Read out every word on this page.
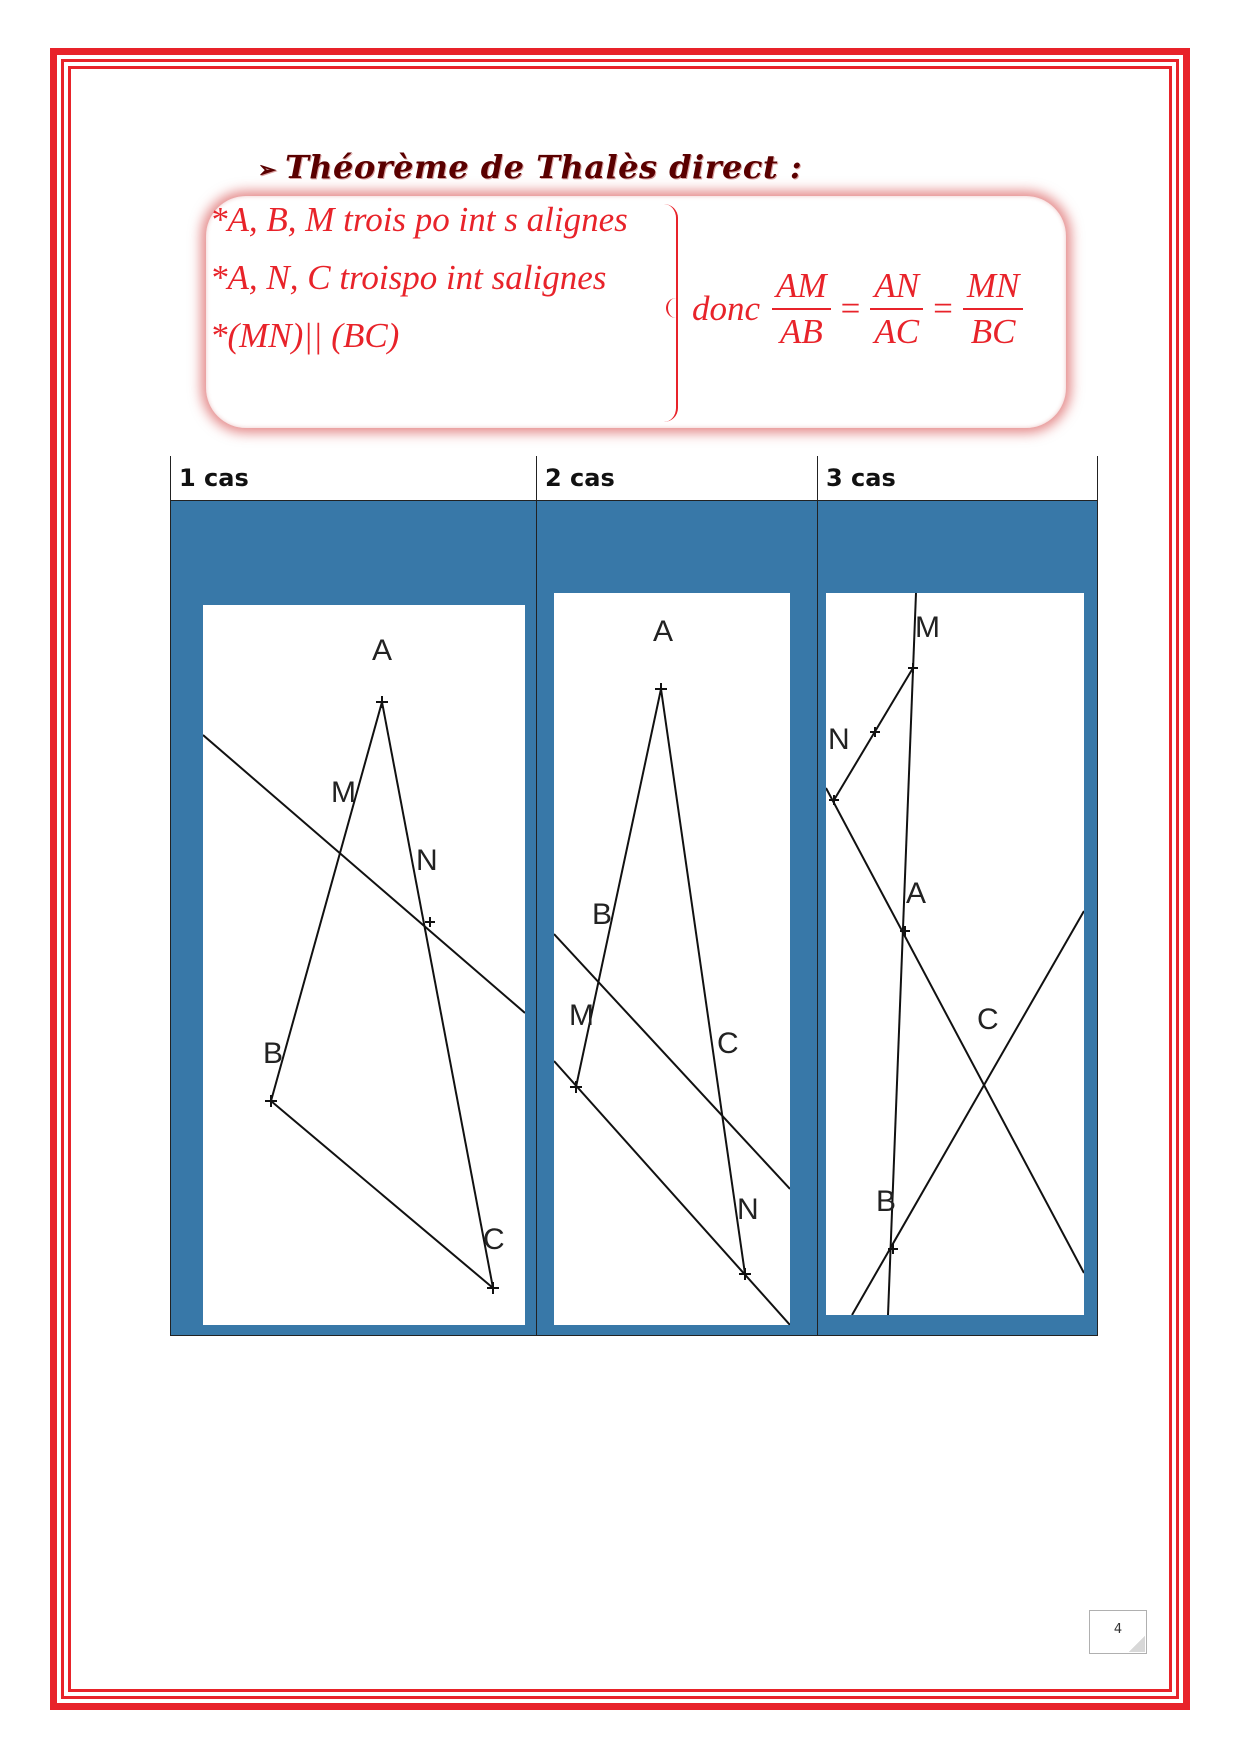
➢ Théorème de Thalès direct :

*A, B, M trois po int s alignes

*A, N, C troispo int salignes

*(MN)|| (BC)

donc $\frac{AM}{AB} = \frac{AN}{AC} = \frac{MN}{BC}$
1 cas	2 cas	3 cas

A
M
N
B
C	A
B
M
C
N	M
N
A
C
B
4
